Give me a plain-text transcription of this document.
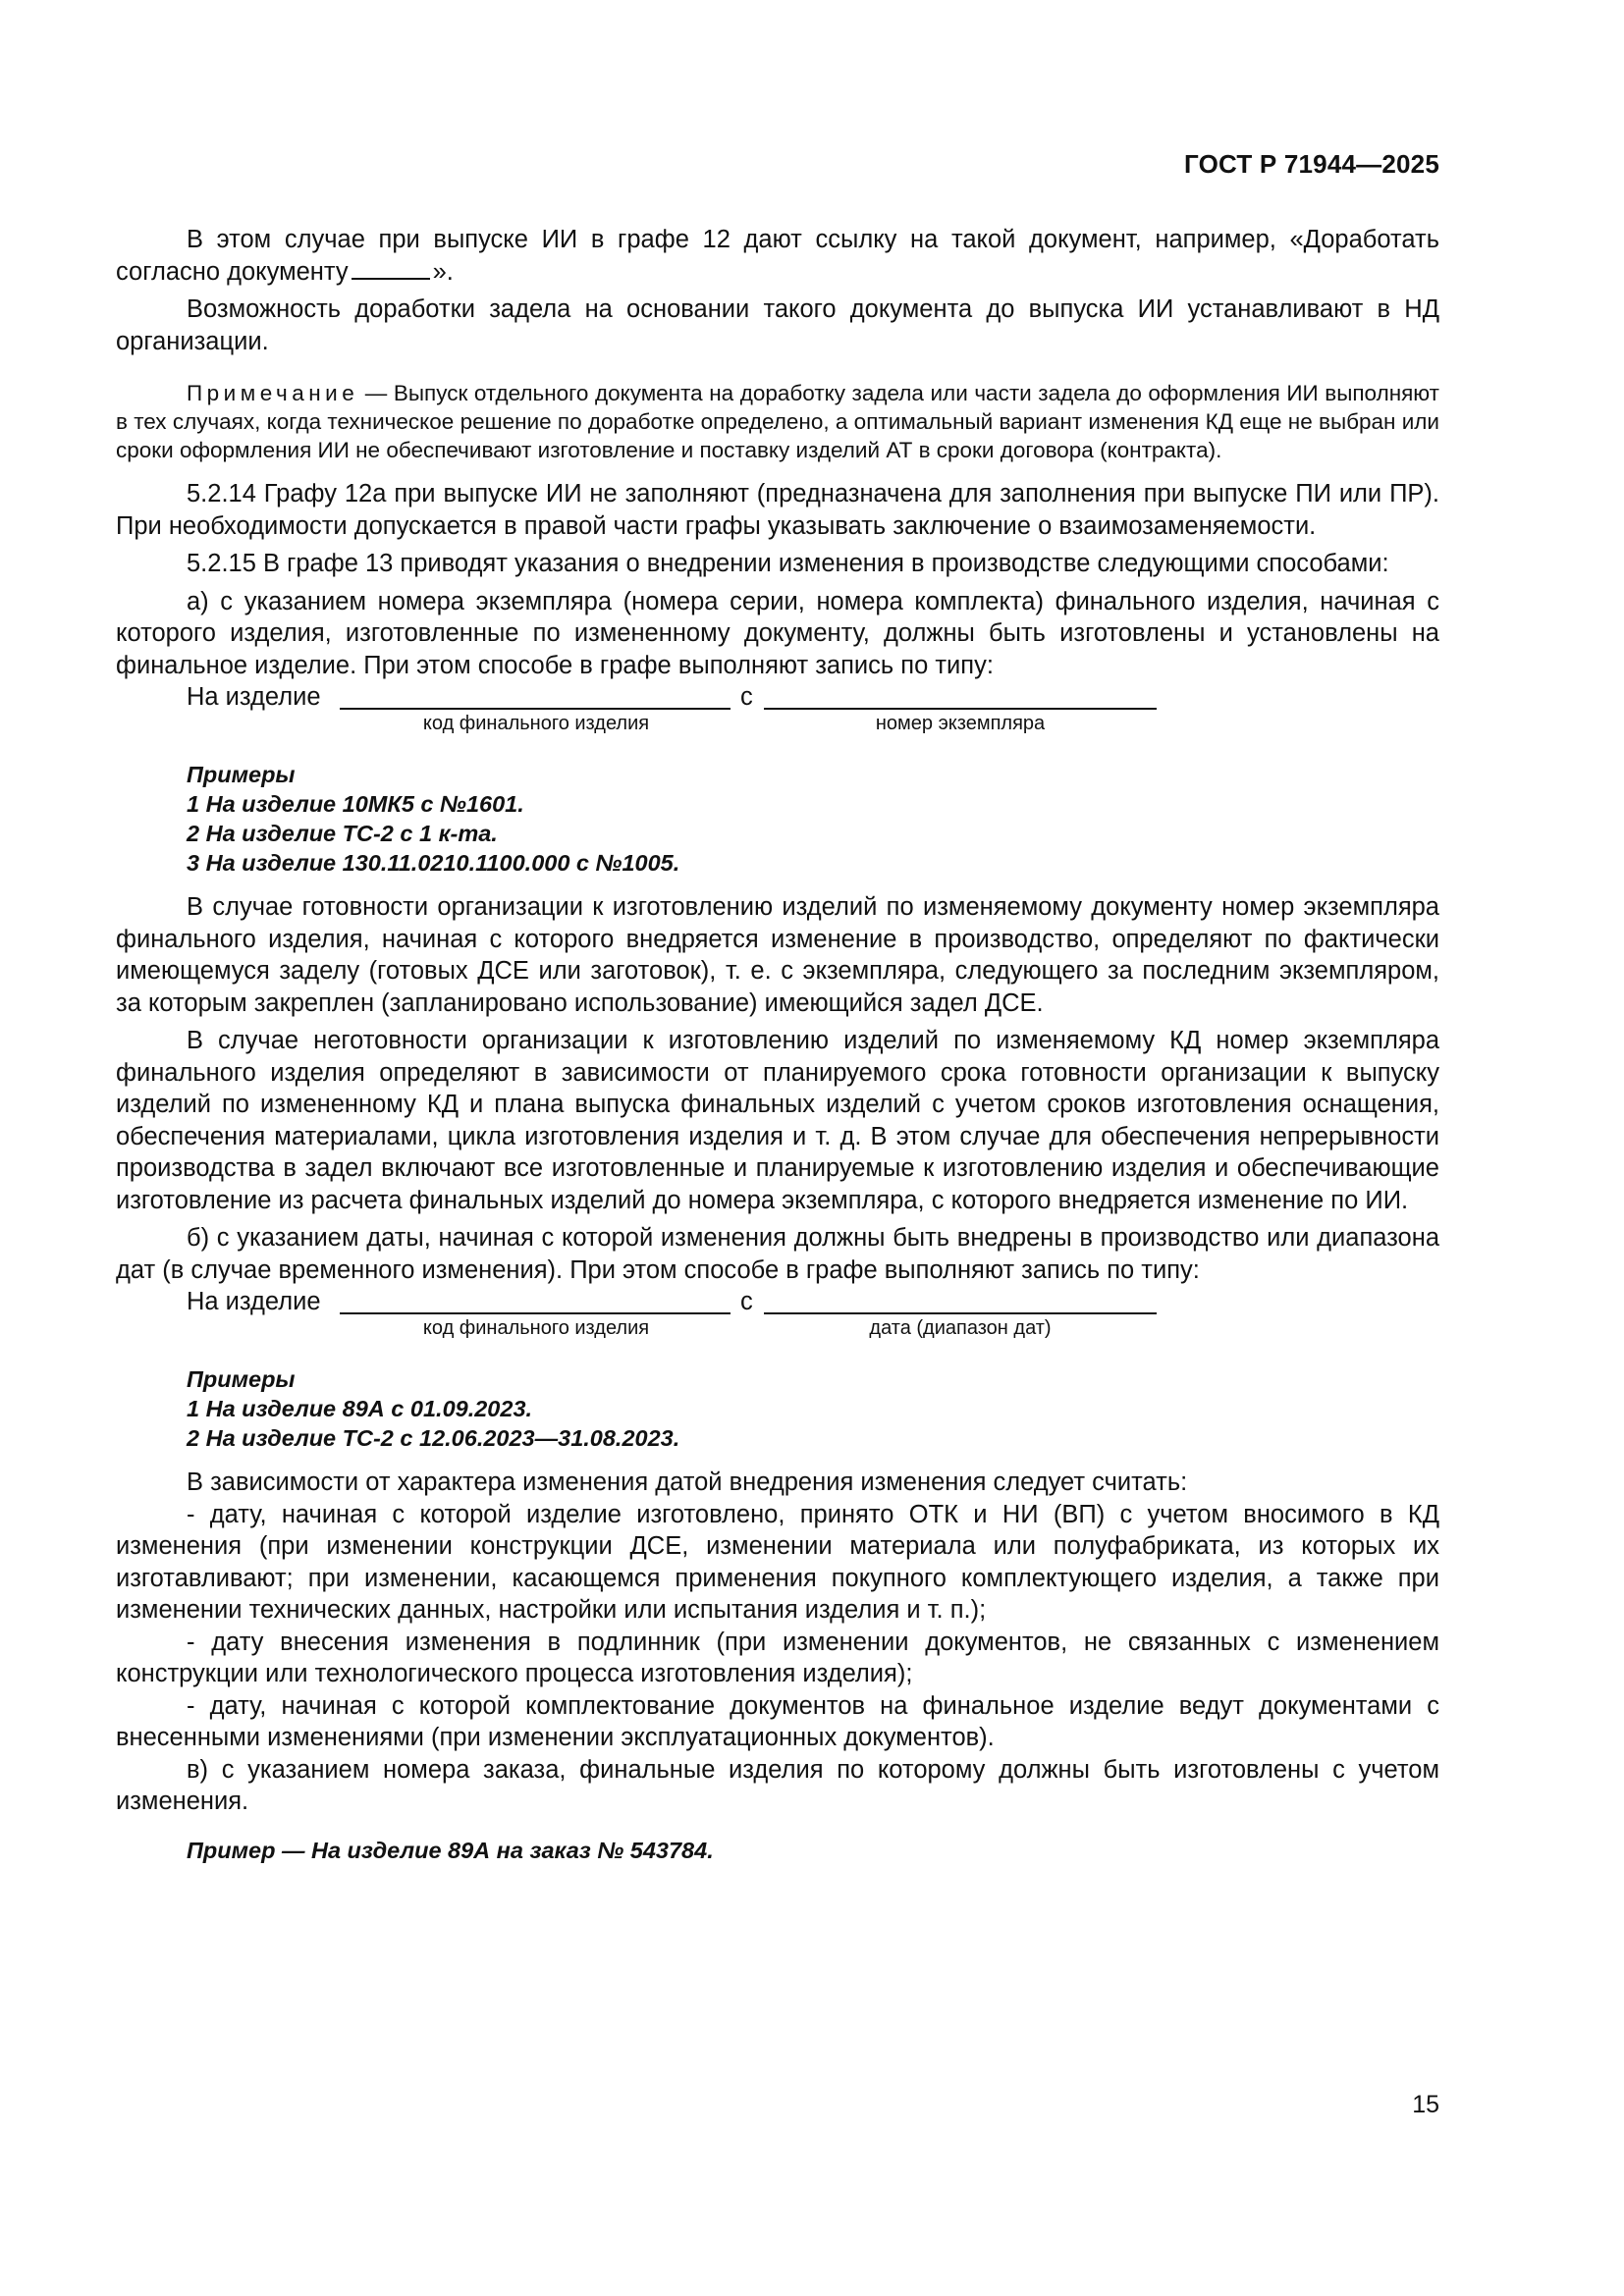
ГОСТ Р 71944—2025

В этом случае при выпуске ИИ в графе 12 дают ссылку на такой документ, например, «Доработать согласно документу	».

Возможность доработки задела на основании такого документа до выпуска ИИ устанавливают в НД организации.

Примечание — Выпуск отдельного документа на доработку задела или части задела до оформления ИИ выполняют в тех случаях, когда техническое решение по доработке определено, а оптимальный вариант изменения КД еще не выбран или сроки оформления ИИ не обеспечивают изготовление и поставку изделий АТ в сроки договора (контракта).

5.2.14 Графу 12а при выпуске ИИ не заполняют (предназначена для заполнения при выпуске ПИ или ПР). При необходимости допускается в правой части графы указывать заключение о взаимозаменяемости.

5.2.15 В графе 13 приводят указания о внедрении изменения в производстве следующими способами:

а) с указанием номера экземпляра (номера серии, номера комплекта) финального изделия, начиная с которого изделия, изготовленные по измененному документу, должны быть изготовлены и установлены на финальное изделие. При этом способе в графе выполняют запись по типу:

На изделие	с
код финального изделия	номер экземпляра
Примеры
1 На изделие 10МК5 с №1601.
2 На изделие ТС-2 с 1 к-та.
3 На изделие 130.11.0210.1100.000 с №1005.

В случае готовности организации к изготовлению изделий по изменяемому документу номер экземпляра финального изделия, начиная с которого внедряется изменение в производство, определяют по фактически имеющемуся заделу (готовых ДСЕ или заготовок), т. е. с экземпляра, следующего за последним экземпляром, за которым закреплен (запланировано использование) имеющийся задел ДСЕ.

В случае неготовности организации к изготовлению изделий по изменяемому КД номер экземпляра финального изделия определяют в зависимости от планируемого срока готовности организации к выпуску изделий по измененному КД и плана выпуска финальных изделий с учетом сроков изготовления оснащения, обеспечения материалами, цикла изготовления изделия и т. д. В этом случае для обеспечения непрерывности производства в задел включают все изготовленные и планируемые к изготовлению изделия и обеспечивающие изготовление из расчета финальных изделий до номера экземпляра, с которого внедряется изменение по ИИ.

б) с указанием даты, начиная с которой изменения должны быть внедрены в производство или диапазона дат (в случае временного изменения). При этом способе в графе выполняют запись по типу:

На изделие	с
код финального изделия	дата (диапазон дат)
Примеры
1 На изделие 89А с 01.09.2023.
2 На изделие ТС-2 с 12.06.2023—31.08.2023.

В зависимости от характера изменения датой внедрения изменения следует считать:

- дату, начиная с которой изделие изготовлено, принято ОТК и НИ (ВП) с учетом вносимого в КД изменения (при изменении конструкции ДСЕ, изменении материала или полуфабриката, из которых их изготавливают; при изменении, касающемся применения покупного комплектующего изделия, а также при изменении технических данных, настройки или испытания изделия и т. п.);

- дату внесения изменения в подлинник (при изменении документов, не связанных с изменением конструкции или технологического процесса изготовления изделия);

- дату, начиная с которой комплектование документов на финальное изделие ведут документами с внесенными изменениями (при изменении эксплуатационных документов).

в) с указанием номера заказа, финальные изделия по которому должны быть изготовлены с учетом изменения.

Пример — На изделие 89А на заказ № 543784.
15
